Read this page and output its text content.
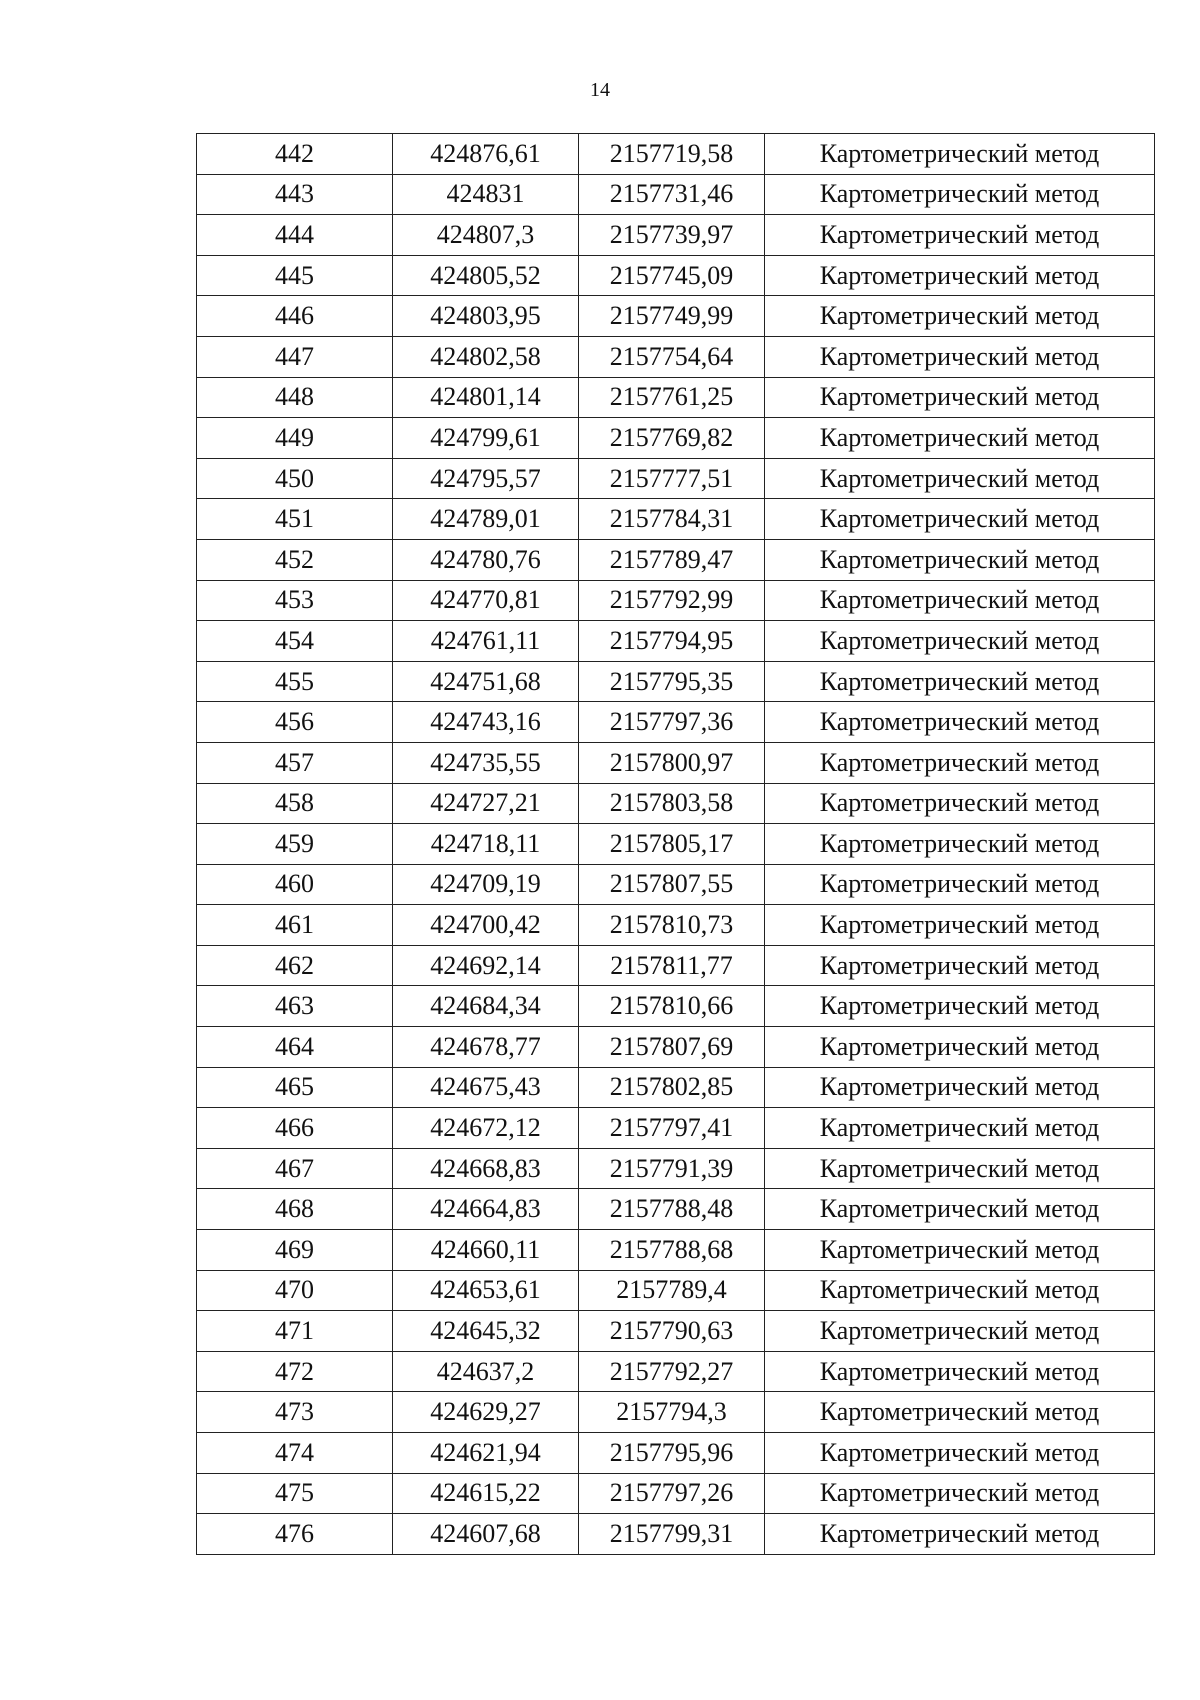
14
442	424876,61	2157719,58	Картометрический метод
443	424831	2157731,46	Картометрический метод
444	424807,3	2157739,97	Картометрический метод
445	424805,52	2157745,09	Картометрический метод
446	424803,95	2157749,99	Картометрический метод
447	424802,58	2157754,64	Картометрический метод
448	424801,14	2157761,25	Картометрический метод
449	424799,61	2157769,82	Картометрический метод
450	424795,57	2157777,51	Картометрический метод
451	424789,01	2157784,31	Картометрический метод
452	424780,76	2157789,47	Картометрический метод
453	424770,81	2157792,99	Картометрический метод
454	424761,11	2157794,95	Картометрический метод
455	424751,68	2157795,35	Картометрический метод
456	424743,16	2157797,36	Картометрический метод
457	424735,55	2157800,97	Картометрический метод
458	424727,21	2157803,58	Картометрический метод
459	424718,11	2157805,17	Картометрический метод
460	424709,19	2157807,55	Картометрический метод
461	424700,42	2157810,73	Картометрический метод
462	424692,14	2157811,77	Картометрический метод
463	424684,34	2157810,66	Картометрический метод
464	424678,77	2157807,69	Картометрический метод
465	424675,43	2157802,85	Картометрический метод
466	424672,12	2157797,41	Картометрический метод
467	424668,83	2157791,39	Картометрический метод
468	424664,83	2157788,48	Картометрический метод
469	424660,11	2157788,68	Картометрический метод
470	424653,61	2157789,4	Картометрический метод
471	424645,32	2157790,63	Картометрический метод
472	424637,2	2157792,27	Картометрический метод
473	424629,27	2157794,3	Картометрический метод
474	424621,94	2157795,96	Картометрический метод
475	424615,22	2157797,26	Картометрический метод
476	424607,68	2157799,31	Картометрический метод
